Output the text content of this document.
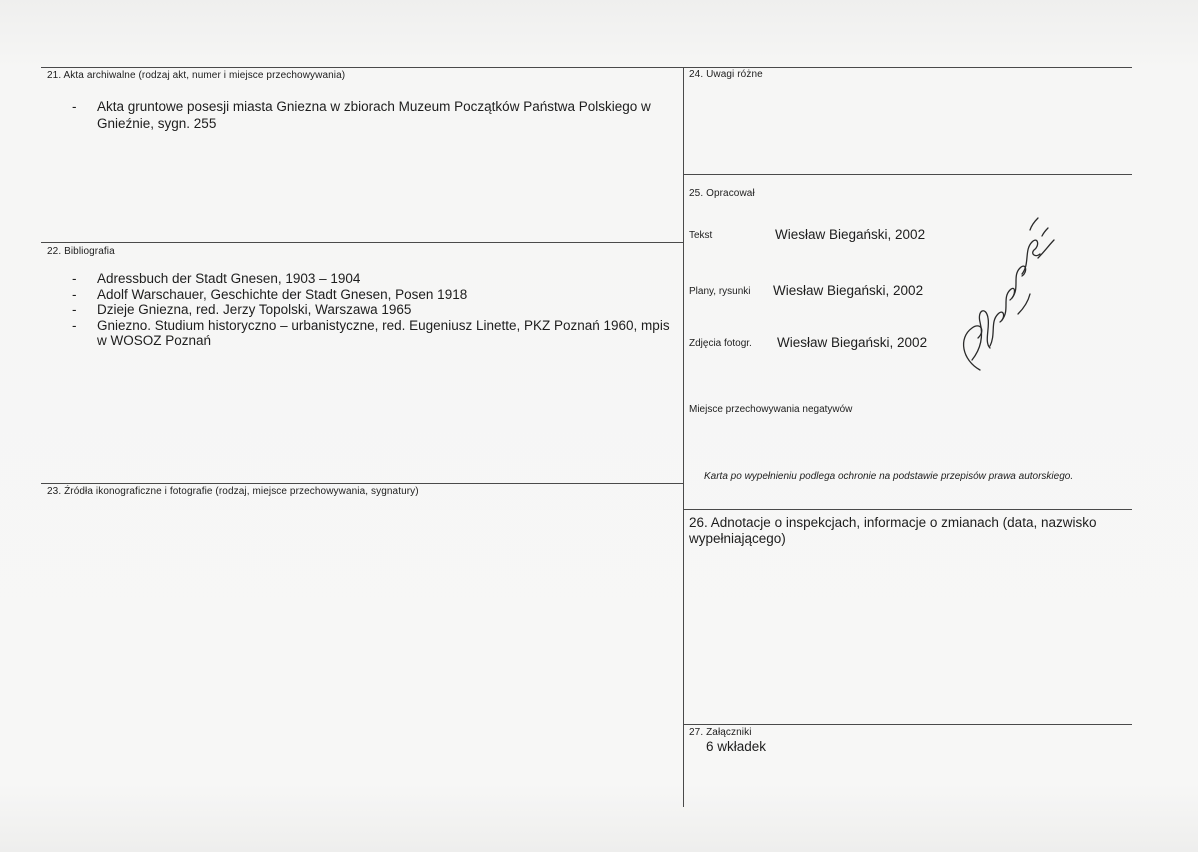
21. Akta archiwalne (rodzaj akt, numer i miejsce przechowywania)
- Akta gruntowe posesji miasta Gniezna w zbiorach Muzeum Początków Państwa Polskiego w Gnieźnie, sygn. 255
22. Bibliografia
- Adressbuch der Stadt Gnesen, 1903 – 1904
- Adolf Warschauer, Geschichte der Stadt Gnesen, Posen 1918
- Dzieje Gniezna, red. Jerzy Topolski, Warszawa 1965
- Gniezno. Studium historyczno – urbanistyczne, red. Eugeniusz Linette, PKZ Poznań 1960, mpis w WOSOZ Poznań
23. Źródła ikonograficzne i fotografie (rodzaj, miejsce przechowywania, sygnatury)
24. Uwagi różne
25. Opracował
Tekst	Wiesław Biegański, 2002
Plany, rysunki Wiesław Biegański, 2002
Zdjęcia fotogr. Wiesław Biegański, 2002
Miejsce przechowywania negatywów
Karta po wypełnieniu podlega ochronie na podstawie przepisów prawa autorskiego.
26. Adnotacje o inspekcjach, informacje o zmianach (data, nazwisko wypełniającego)
27. Załączniki
6 wkładek
